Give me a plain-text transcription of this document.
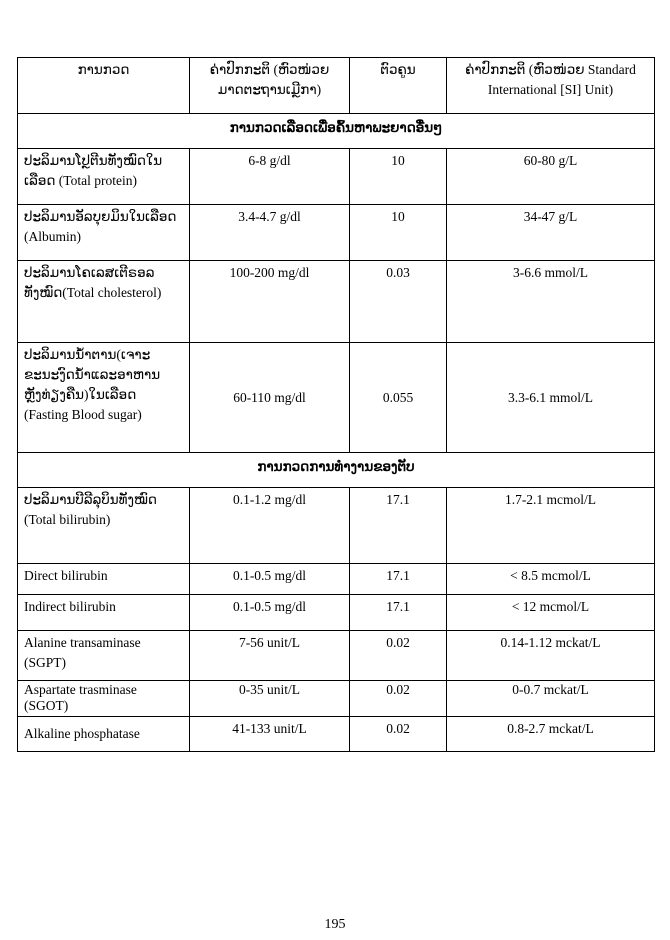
ການກວດ	ຄ່າປົກກະຕິ (ຫົວໜ່ວຍ ມາດຕະຖານເມຼີກາ)	ຕົວຄູນ	ຄ່າປົກກະຕິ (ຫົວໜ່ວຍ Standard International [SI] Unit)
ການກວດເລືອດເພື່ອຄົ້ນຫາພະຍາດອື່ນໆ			
ປະລິມານໂປຼຕີນທັງໝົດໃນເລືອດ (Total protein)	6-8 g/dl	10	60-80 g/L
ປະລິມານອັລບຸຍມິນໃນເລືອດ (Albumin)	3.4-4.7 g/dl	10	34-47 g/L
ປະລິມານໂຄເລສເຕີຣອລທັງໝົດ(Total cholesterol)	100-200 mg/dl	0.03	3-6.6 mmol/L

ປະລິມານນໍ້າຕານ(ເຈາະຂະນະງົດນໍ້າແລະອາຫານຫຼັງທ່ຽງຄືນ)ໃນເລືອດ
(Fasting Blood sugar)	60-110 mg/dl	0.055	3.3-6.1 mmol/L
ການກວດການທໍາງານຂອງຕັບ			

ປະລິມານບີລີລຸບິນທັງໝົດ
(Total bilirubin)	0.1-1.2 mg/dl	17.1	1.7-2.1 mcmol/L
Direct bilirubin	0.1-0.5 mg/dl	17.1	< 8.5 mcmol/L
Indirect bilirubin	0.1-0.5 mg/dl	17.1	< 12 mcmol/L
Alanine transaminase (SGPT)	7-56 unit/L	0.02	0.14-1.12 mckat/L
Aspartate trasminase (SGOT)	0-35 unit/L	0.02	0-0.7 mckat/L
Alkaline phosphatase	41-133 unit/L	0.02	0.8-2.7 mckat/L
195
